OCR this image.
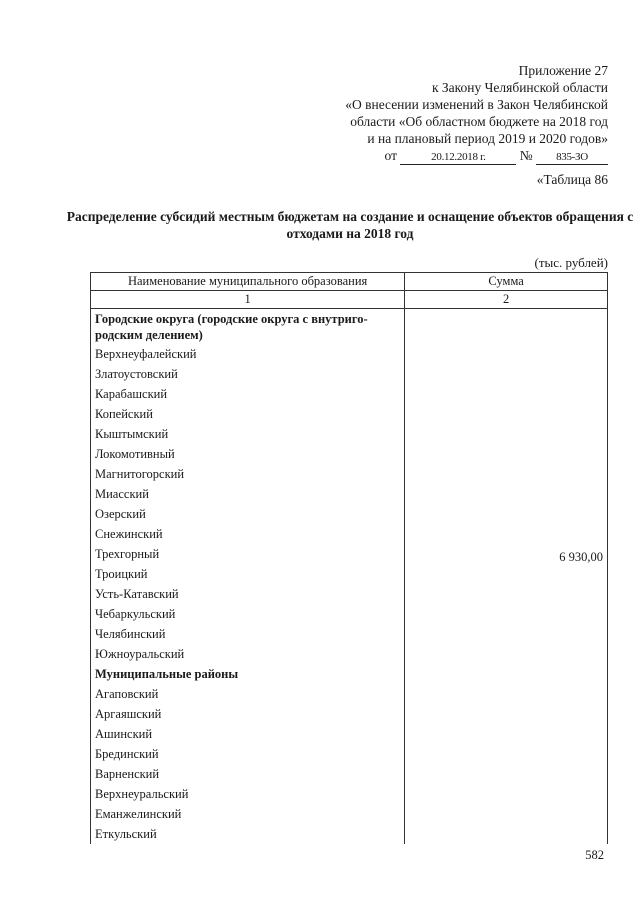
Приложение 27
к Закону Челябинской области
«О внесении изменений в Закон Челябинской
области «Об областном бюджете на 2018 год
и на плановый период 2019 и 2020 годов»
от	20.12.2018 г.	№ 835-ЗО
«Таблица 86
Распределение субсидий местным бюджетам на создание и оснащение объектов обращения с отходами на 2018 год
(тыс. рублей)
Наименование муниципального образования	Сумма
1	2
Городские округа (городские округа с внутриго-родским делением)	6 930,00
Верхнеуфалейский	
Златоустовский	
Карабашский	
Копейский	
Кыштымский	
Локомотивный	
Магнитогорский	
Миасский	
Озерский	
Снежинский	
Трехгорный	
Троицкий	
Усть-Катавский	
Чебаркульский	
Челябинский	
Южноуральский	
Муниципальные районы	
Агаповский	
Аргаяшский	
Ашинский	
Брединский	
Варненский	
Верхнеуральский	
Еманжелинский	
Еткульский	
582
